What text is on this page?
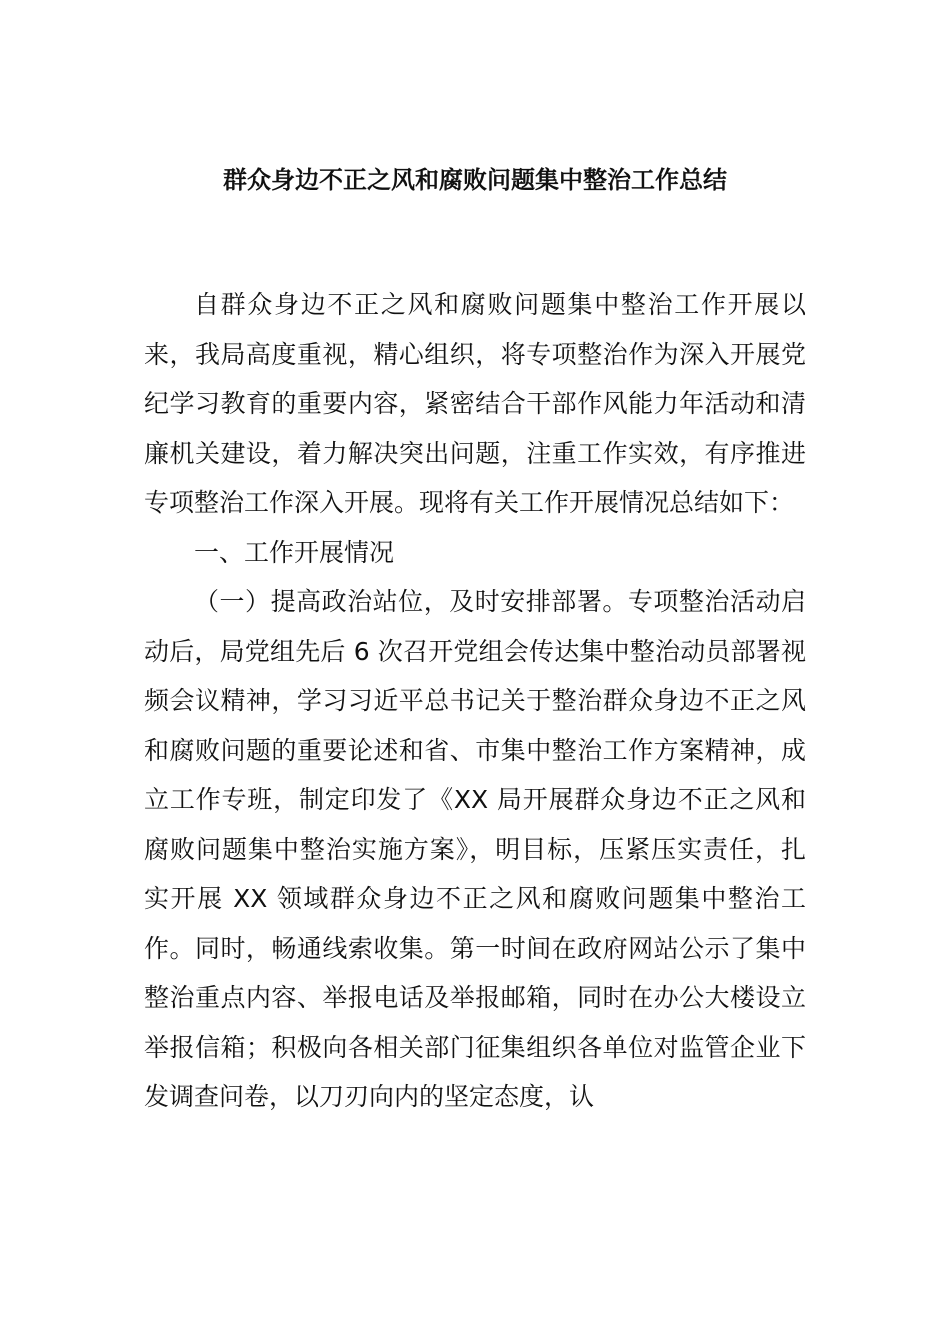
群众身边不正之风和腐败问题集中整治工作总结

自群众身边不正之风和腐败问题集中整治工作开展以来，我局高度重视，精心组织，将专项整治作为深入开展党纪学习教育的重要内容，紧密结合干部作风能力年活动和清廉机关建设，着力解决突出问题，注重工作实效，有序推进专项整治工作深入开展。现将有关工作开展情况总结如下：

一、工作开展情况

（一）提高政治站位，及时安排部署。专项整治活动启动后，局党组先后 6 次召开党组会传达集中整治动员部署视频会议精神，学习习近平总书记关于整治群众身边不正之风和腐败问题的重要论述和省、市集中整治工作方案精神，成立工作专班，制定印发了《XX 局开展群众身边不正之风和腐败问题集中整治实施方案》，明目标，压紧压实责任，扎实开展 XX 领域群众身边不正之风和腐败问题集中整治工作。同时，畅通线索收集。第一时间在政府网站公示了集中整治重点内容、举报电话及举报邮箱，同时在办公大楼设立举报信箱；积极向各相关部门征集组织各单位对监管企业下发调查问卷，以刀刃向内的坚定态度，认
